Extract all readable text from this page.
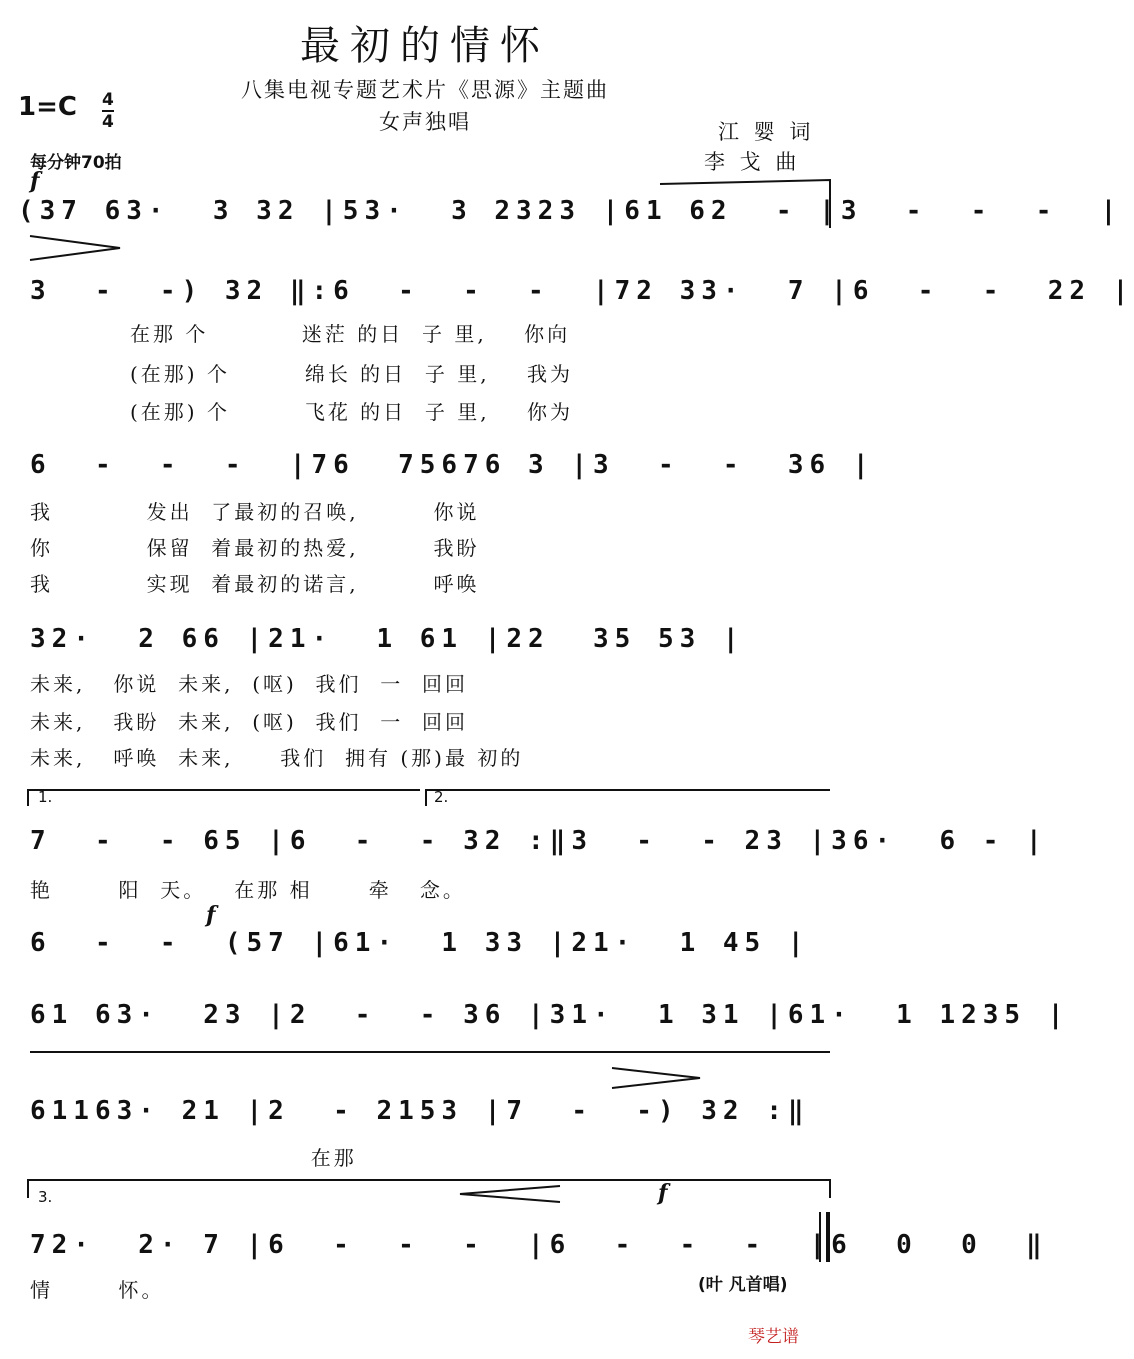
最初的情怀
八集电视专题艺术片《思源》主题曲
女声独唱
1=C 4
4
每分钟70拍
江 婴 词
李 戈 曲
f
(37 63·  3 32 |53·  3 2323 |61 62  - |3  -  -  -  |
3  -  -) 32 ‖:6  -  -  -  |72 33·  7 |6  -  -  22 |
在那 个          迷茫 的日  子 里,    你向
(在那) 个        绵长 的日  子 里,    我为
(在那) 个        飞花 的日  子 里,    你为
6  -  -  -  |76  75676 3 |3  -  -  36 |
我          发出  了最初的召唤,        你说
你          保留  着最初的热爱,        我盼
我          实现  着最初的诺言,        呼唤
32·  2 66 |21·  1 61 |22  35 53 |
未来,   你说  未来,  (呕)  我们  一  回回
未来,   我盼  未来,  (呕)  我们  一  回回
未来,   呼唤  未来,     我们  拥有 (那)最 初的
1.	2.
7  -  - 65 |6  -  - 32 :‖3  -  - 23 |36·  6 - |
艳       阳  天。   在那 相      牵   念。
f
6  -  -  (57 |61·  1 33 |21·  1 45 |
61 63·  23 |2  -  - 36 |31·  1 31 |61·  1 1235 |
61163· 21 |2  - 2153 |7  -  -) 32 :‖
在那
3.	f
72·  2· 7 |6  -  -  -  |6  -  -  -  |6  0  0  ‖
情       怀。	(叶 凡首唱)
琴艺谱
